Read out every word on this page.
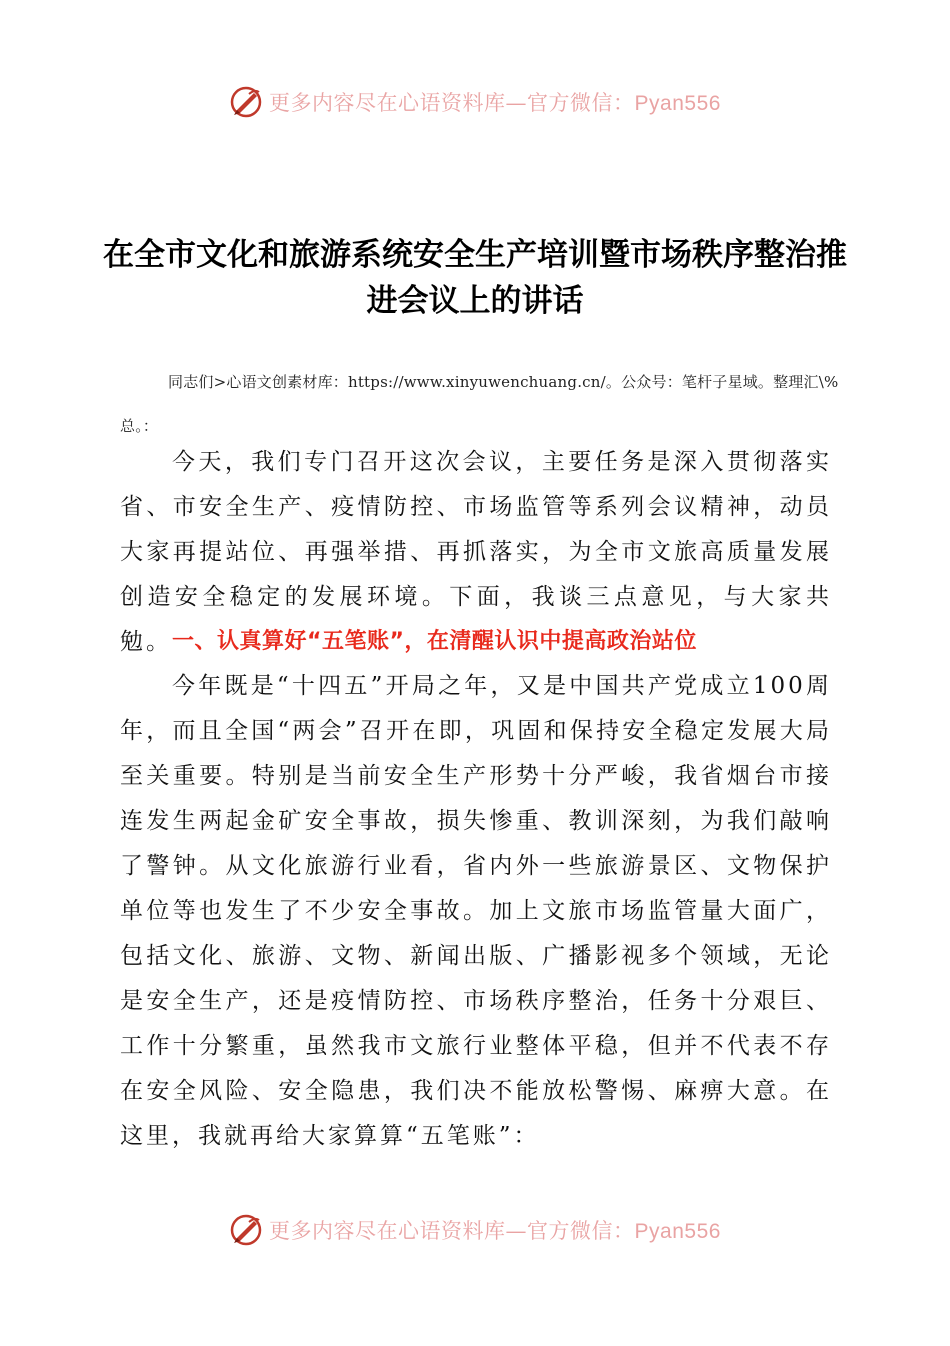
更多内容尽在心语资料库—官方微信：Pyan556
在全市文化和旅游系统安全生产培训暨市场秩序整治推进会议上的讲话

同志们>心语文创素材库：https://www.xinyuwenchuang.cn/。公众号：笔杆子星域。整理汇\%总。：

今天，我们专门召开这次会议，主要任务是深入贯彻落实省、市安全生产、疫情防控、市场监管等系列会议精神，动员大家再提站位、再强举措、再抓落实，为全市文旅高质量发展创造安全稳定的发展环境。下面，我谈三点意见，与大家共勉。 一、认真算好“五笔账”，在清醒认识中提高政治站位

今年既是“十四五”开局之年，又是中国共产党成立100周年，而且全国“两会”召开在即，巩固和保持安全稳定发展大局至关重要。特别是当前安全生产形势十分严峻，我省烟台市接连发生两起金矿安全事故，损失惨重、教训深刻，为我们敲响了警钟。从文化旅游行业看，省内外一些旅游景区、文物保护单位等也发生了不少安全事故。加上文旅市场监管量大面广，包括文化、旅游、文物、新闻出版、广播影视多个领域，无论是安全生产，还是疫情防控、市场秩序整治，任务十分艰巨、工作十分繁重，虽然我市文旅行业整体平稳，但并不代表不存在安全风险、安全隐患，我们决不能放松警惕、麻痹大意。在这里，我就再给大家算算“五笔账”：

更多内容尽在心语资料库—官方微信：Pyan556
